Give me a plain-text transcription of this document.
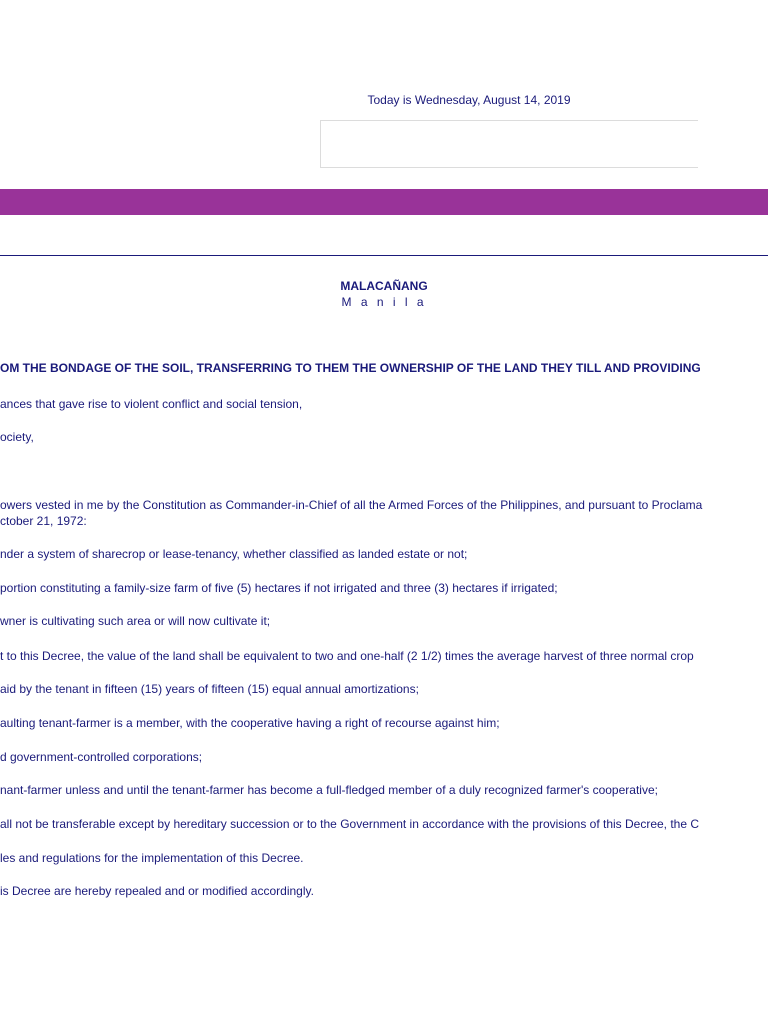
Today is Wednesday, August 14, 2019
MALACAÑANG
M a n i l a
OM THE BONDAGE OF THE SOIL, TRANSFERRING TO THEM THE OWNERSHIP OF THE LAND THEY TILL AND PROVIDING
ances that gave rise to violent conflict and social tension,
ociety,
owers vested in me by the Constitution as Commander-in-Chief of all the Armed Forces of the Philippines, and pursuant to Proclama
ctober 21, 1972:
nder a system of sharecrop or lease-tenancy, whether classified as landed estate or not;
portion constituting a family-size farm of five (5) hectares if not irrigated and three (3) hectares if irrigated;
wner is cultivating such area or will now cultivate it;
t to this Decree, the value of the land shall be equivalent to two and one-half (2 1/2) times the average harvest of three normal crop
aid by the tenant in fifteen (15) years of fifteen (15) equal annual amortizations;
aulting tenant-farmer is a member, with the cooperative having a right of recourse against him;
d government-controlled corporations;
nant-farmer unless and until the tenant-farmer has become a full-fledged member of a duly recognized farmer's cooperative;
all not be transferable except by hereditary succession or to the Government in accordance with the provisions of this Decree, the C
les and regulations for the implementation of this Decree.
is Decree are hereby repealed and or modified accordingly.
